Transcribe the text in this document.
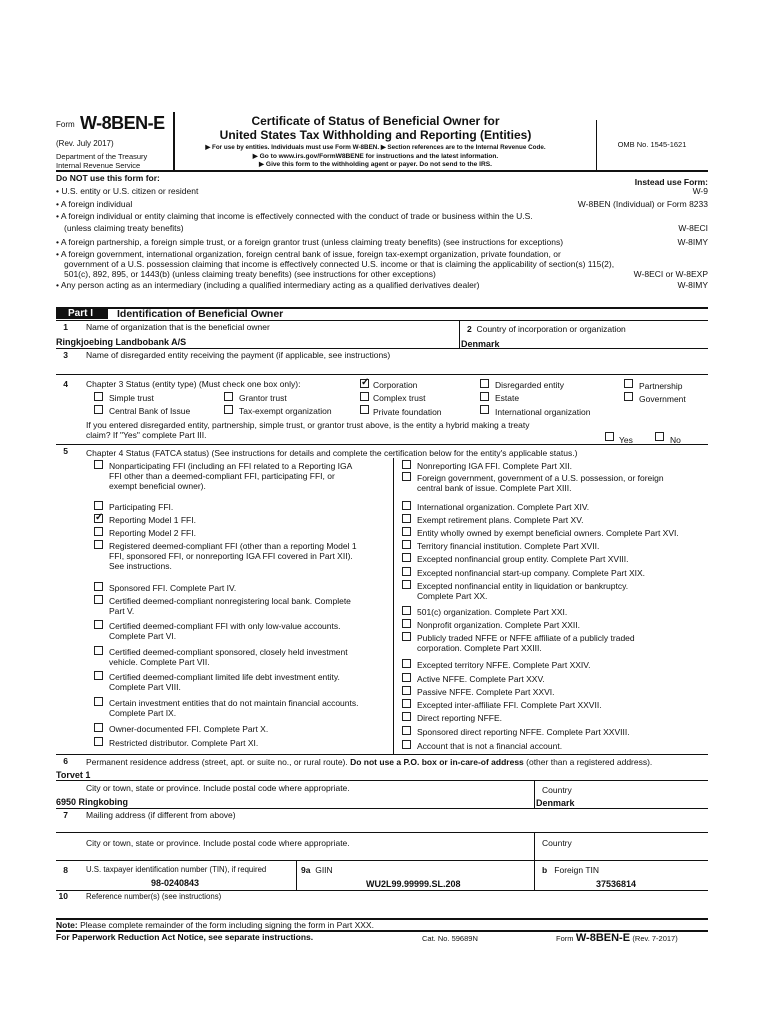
Form W-8BEN-E
(Rev. July 2017)
Department of the Treasury
Internal Revenue Service
Certificate of Status of Beneficial Owner for
United States Tax Withholding and Reporting (Entities)
▶ For use by entities. Individuals must use Form W-8BEN. ▶ Section references are to the Internal Revenue Code.
▶ Go to www.irs.gov/FormW8BENE for instructions and the latest information.
▶ Give this form to the withholding agent or payer. Do not send to the IRS.
OMB No. 1545-1621
Do NOT use this form for:	Instead use Form:
• U.S. entity or U.S. citizen or resident	W-9
• A foreign individual	W-8BEN (Individual) or Form 8233
• A foreign individual or entity claiming that income is effectively connected with the conduct of trade or business within the U.S.
(unless claiming treaty benefits)	W-8ECI
• A foreign partnership, a foreign simple trust, or a foreign grantor trust (unless claiming treaty benefits) (see instructions for exceptions)	W-8IMY
• A foreign government, international organization, foreign central bank of issue, foreign tax-exempt organization, private foundation, or
government of a U.S. possession claiming that income is effectively connected U.S. income or that is claiming the applicability of section(s) 115(2),
501(c), 892, 895, or 1443(b) (unless claiming treaty benefits) (see instructions for other exceptions)	W-8ECI or W-8EXP
• Any person acting as an intermediary (including a qualified intermediary acting as a qualified derivatives dealer)	W-8IMY
Part I	Identification of Beneficial Owner
1 Name of organization that is the beneficial owner
Ringkjoebing Landbobank A/S
2 Country of incorporation or organization
Denmark
3 Name of disregarded entity receiving the payment (if applicable, see instructions)
4 Chapter 3 Status (entity type) (Must check one box only):
✓	Corporation	Disregarded entity	Partnership
Simple trust	Grantor trust	Complex trust	Estate	Government
Central Bank of Issue	Tax-exempt organization	Private foundation	International organization
If you entered disregarded entity, partnership, simple trust, or grantor trust above, is the entity a hybrid making a treaty
claim? If "Yes" complete Part III.	Yes	No
5 Chapter 4 Status (FATCA status) (See instructions for details and complete the certification below for the entity's applicable status.)
Nonparticipating FFI (including an FFI related to a Reporting IGA
FFI other than a deemed-compliant FFI, participating FFI, or
exempt beneficial owner).
Participating FFI.
✓
Reporting Model 1 FFI.
Reporting Model 2 FFI.
Registered deemed-compliant FFI (other than a reporting Model 1
FFI, sponsored FFI, or nonreporting IGA FFI covered in Part XII).
See instructions.
Sponsored FFI. Complete Part IV.
Certified deemed-compliant nonregistering local bank. Complete
Part V.
Certified deemed-compliant FFI with only low-value accounts.
Complete Part VI.
Certified deemed-compliant sponsored, closely held investment
vehicle. Complete Part VII.
Certified deemed-compliant limited life debt investment entity.
Complete Part VIII.
Certain investment entities that do not maintain financial accounts.
Complete Part IX.
Owner-documented FFI. Complete Part X.
Restricted distributor. Complete Part XI.
Nonreporting IGA FFI. Complete Part XII.
Foreign government, government of a U.S. possession, or foreign
central bank of issue. Complete Part XIII.
International organization. Complete Part XIV.
Exempt retirement plans. Complete Part XV.
Entity wholly owned by exempt beneficial owners. Complete Part XVI.
Territory financial institution. Complete Part XVII.
Excepted nonfinancial group entity. Complete Part XVIII.
Excepted nonfinancial start-up company. Complete Part XIX.
Excepted nonfinancial entity in liquidation or bankruptcy.
Complete Part XX.
501(c) organization. Complete Part XXI.
Nonprofit organization. Complete Part XXII.
Publicly traded NFFE or NFFE affiliate of a publicly traded
corporation. Complete Part XXIII.
Excepted territory NFFE. Complete Part XXIV.
Active NFFE. Complete Part XXV.
Passive NFFE. Complete Part XXVI.
Excepted inter-affiliate FFI. Complete Part XXVII.
Direct reporting NFFE.
Sponsored direct reporting NFFE. Complete Part XXVIII.
Account that is not a financial account.
6 Permanent residence address (street, apt. or suite no., or rural route). Do not use a P.O. box or in-care-of address (other than a registered address).
Torvet 1
City or town, state or province. Include postal code where appropriate.	Country
6950 Ringkobing	Denmark
7 Mailing address (if different from above)
City or town, state or province. Include postal code where appropriate.	Country
8 U.S. taxpayer identification number (TIN), if required
98-0240843
9a GIIN
WU2L99.99999.SL.208
b Foreign TIN
37536814
10 Reference number(s) (see instructions)
Note: Please complete remainder of the form including signing the form in Part XXX.
For Paperwork Reduction Act Notice, see separate instructions.	Cat. No. 59689N	Form W-8BEN-E (Rev. 7-2017)
